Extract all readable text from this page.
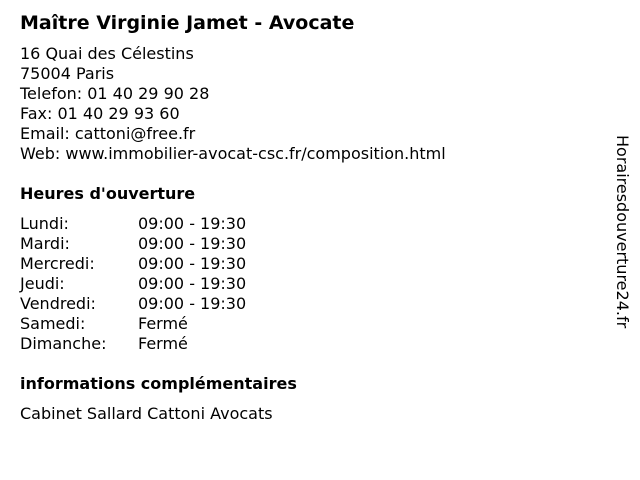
Maître Virginie Jamet - Avocate
16 Quai des Célestins
75004 Paris
Telefon: 01 40 29 90 28
Fax: 01 40 29 93 60
Email: cattoni@free.fr
Web: www.immobilier-avocat-csc.fr/composition.html
Heures d'ouverture
Lundi:	09:00 - 19:30
Mardi:	09:00 - 19:30
Mercredi:	09:00 - 19:30
Jeudi:	09:00 - 19:30
Vendredi:	09:00 - 19:30
Samedi:	Fermé
Dimanche:	Fermé
informations complémentaires
Cabinet Sallard Cattoni Avocats
Horairesdouverture24.fr
